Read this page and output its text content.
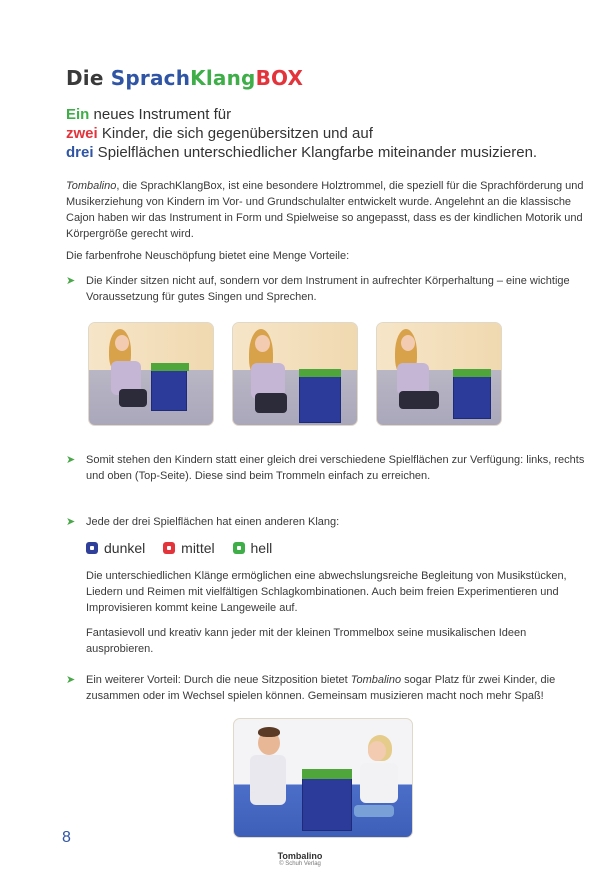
Die SprachKlangBOX
Ein neues Instrument für
zwei Kinder, die sich gegenübersitzen und auf
drei Spielflächen unterschiedlicher Klangfarbe miteinander musizieren.
Tombalino, die SprachKlangBox, ist eine besondere Holztrommel, die speziell für die Sprachförderung und Musikerziehung von Kindern im Vor- und Grundschulalter entwickelt wurde. Angelehnt an die klassische Cajon haben wir das Instrument in Form und Spielweise so angepasst, dass es der kindlichen Motorik und Körpergröße gerecht wird.
Die farbenfrohe Neuschöpfung bietet eine Menge Vorteile:
➤ Die Kinder sitzen nicht auf, sondern vor dem Instrument in aufrechter Körperhaltung – eine wichtige Voraussetzung für gutes Singen und Sprechen.
➤ Somit stehen den Kindern statt einer gleich drei verschiedene Spielflächen zur Verfügung: links, rechts und oben (Top-Seite). Diese sind beim Trommeln einfach zu erreichen.
➤ Jede der drei Spielflächen hat einen anderen Klang:
dunkel	mittel	hell
Die unterschiedlichen Klänge ermöglichen eine abwechslungsreiche Begleitung von Musikstücken, Liedern und Reimen mit vielfältigen Schlagkombinationen. Auch beim freien Experimentieren und Improvisieren kommt keine Langeweile auf.
Fantasievoll und kreativ kann jeder mit der kleinen Trommelbox seine musikalischen Ideen ausprobieren.
➤ Ein weiterer Vorteil: Durch die neue Sitzposition bietet Tombalino sogar Platz für zwei Kinder, die zusammen oder im Wechsel spielen können. Gemeinsam musizieren macht noch mehr Spaß!
8
Tombalino
© Schuh Verlag
